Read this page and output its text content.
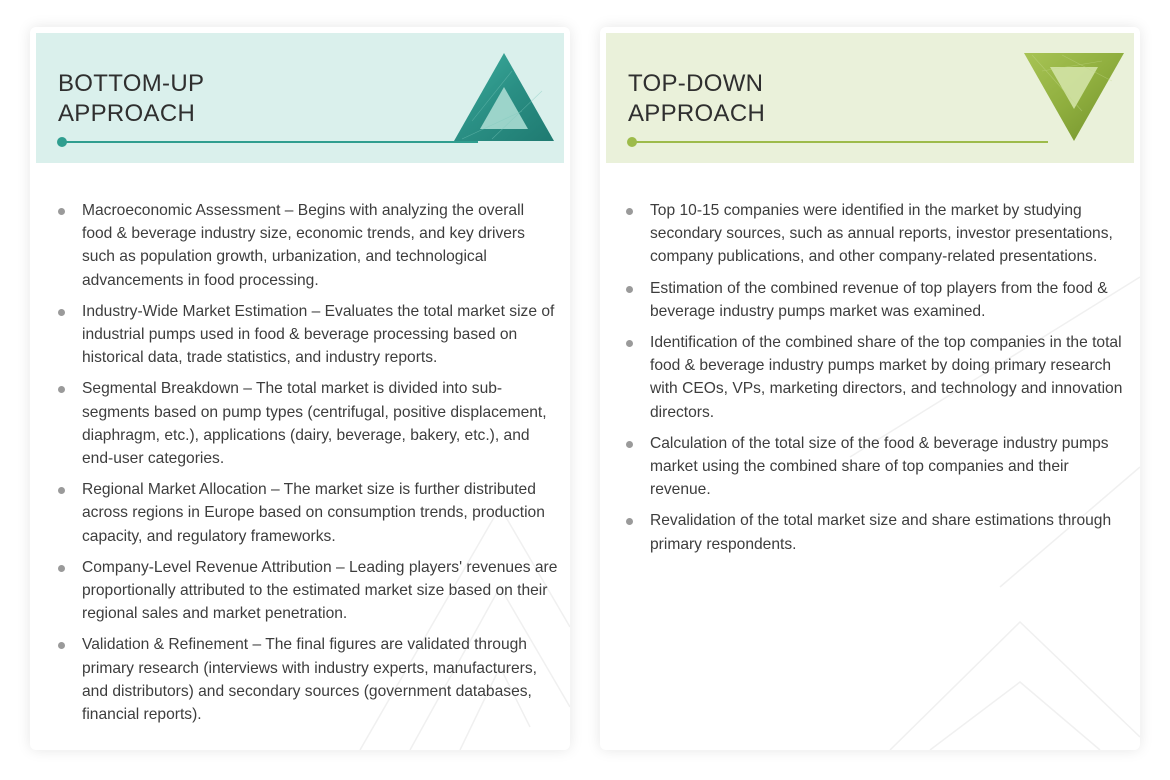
BOTTOM-UP
APPROACH
Macroeconomic Assessment – Begins with analyzing the overall food & beverage industry size, economic trends, and key drivers such as population growth, urbanization, and technological advancements in food processing.
Industry-Wide Market Estimation – Evaluates the total market size of industrial pumps used in food & beverage processing based on historical data, trade statistics, and industry reports.
Segmental Breakdown – The total market is divided into sub-segments based on pump types (centrifugal, positive displacement, diaphragm, etc.), applications (dairy, beverage, bakery, etc.), and end-user categories.
Regional Market Allocation – The market size is further distributed across regions in Europe based on consumption trends, production capacity, and regulatory frameworks.
Company-Level Revenue Attribution – Leading players' revenues are proportionally attributed to the estimated market size based on their regional sales and market penetration.
Validation & Refinement – The final figures are validated through primary research (interviews with industry experts, manufacturers, and distributors) and secondary sources (government databases, financial reports).
TOP-DOWN
APPROACH
Top 10-15 companies were identified in the market by studying secondary sources, such as annual reports, investor presentations, company publications, and other company-related presentations.
Estimation of the combined revenue of top players from the food & beverage industry pumps market was examined.
Identification of the combined share of the top companies in the total food & beverage industry pumps market by doing primary research with CEOs, VPs, marketing directors, and technology and innovation directors.
Calculation of the total size of the food & beverage industry pumps market using the combined share of top companies and their revenue.
Revalidation of the total market size and share estimations through primary respondents.
